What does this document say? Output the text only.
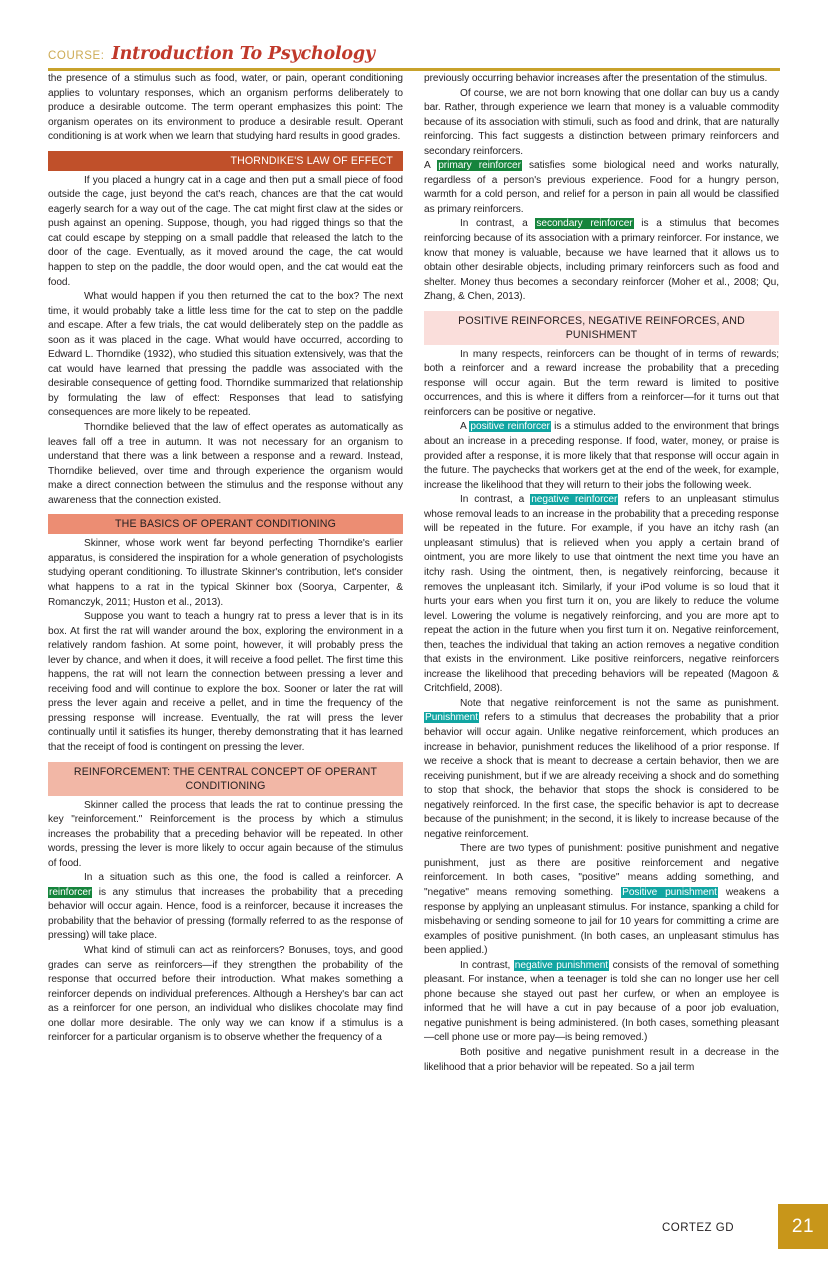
COURSE: Introduction To Psychology

the presence of a stimulus such as food, water, or pain, operant conditioning applies to voluntary responses, which an organism performs deliberately to produce a desirable outcome. The term operant emphasizes this point: The organism operates on its environment to produce a desirable result. Operant conditioning is at work when we learn that studying hard results in good grades.

THORNDIKE'S LAW OF EFFECT

If you placed a hungry cat in a cage and then put a small piece of food outside the cage, just beyond the cat's reach, chances are that the cat would eagerly search for a way out of the cage. The cat might first claw at the sides or push against an opening. Suppose, though, you had rigged things so that the cat could escape by stepping on a small paddle that released the latch to the door of the cage. Eventually, as it moved around the cage, the cat would happen to step on the paddle, the door would open, and the cat would eat the food.

What would happen if you then returned the cat to the box? The next time, it would probably take a little less time for the cat to step on the paddle and escape. After a few trials, the cat would deliberately step on the paddle as soon as it was placed in the cage. What would have occurred, according to Edward L. Thorndike (1932), who studied this situation extensively, was that the cat would have learned that pressing the paddle was associated with the desirable consequence of getting food. Thorndike summarized that relationship by formulating the law of effect: Responses that lead to satisfying consequences are more likely to be repeated.

Thorndike believed that the law of effect operates as automatically as leaves fall off a tree in autumn. It was not necessary for an organism to understand that there was a link between a response and a reward. Instead, Thorndike believed, over time and through experience the organism would make a direct connection between the stimulus and the response without any awareness that the connection existed.

THE BASICS OF OPERANT CONDITIONING

Skinner, whose work went far beyond perfecting Thorndike's earlier apparatus, is considered the inspiration for a whole generation of psychologists studying operant conditioning. To illustrate Skinner's contribution, let's consider what happens to a rat in the typical Skinner box (Soorya, Carpenter, & Romanczyk, 2011; Huston et al., 2013).

Suppose you want to teach a hungry rat to press a lever that is in its box. At first the rat will wander around the box, exploring the environment in a relatively random fashion. At some point, however, it will probably press the lever by chance, and when it does, it will receive a food pellet. The first time this happens, the rat will not learn the connection between pressing a lever and receiving food and will continue to explore the box. Sooner or later the rat will press the lever again and receive a pellet, and in time the frequency of the pressing response will increase. Eventually, the rat will press the lever continually until it satisfies its hunger, thereby demonstrating that it has learned that the receipt of food is contingent on pressing the lever.

REINFORCEMENT: THE CENTRAL CONCEPT OF OPERANT CONDITIONING

Skinner called the process that leads the rat to continue pressing the key "reinforcement." Reinforcement is the process by which a stimulus increases the probability that a preceding behavior will be repeated. In other words, pressing the lever is more likely to occur again because of the stimulus of food.

In a situation such as this one, the food is called a reinforcer. A reinforcer is any stimulus that increases the probability that a preceding behavior will occur again. Hence, food is a reinforcer, because it increases the probability that the behavior of pressing (formally referred to as the response of pressing) will take place.

What kind of stimuli can act as reinforcers? Bonuses, toys, and good grades can serve as reinforcers—if they strengthen the probability of the response that occurred before their introduction. What makes something a reinforcer depends on individual preferences. Although a Hershey's bar can act as a reinforcer for one person, an individual who dislikes chocolate may find one dollar more desirable. The only way we can know if a stimulus is a reinforcer for a particular organism is to observe whether the frequency of a

previously occurring behavior increases after the presentation of the stimulus.

Of course, we are not born knowing that one dollar can buy us a candy bar. Rather, through experience we learn that money is a valuable commodity because of its association with stimuli, such as food and drink, that are naturally reinforcing. This fact suggests a distinction between primary reinforcers and secondary reinforcers.

A primary reinforcer satisfies some biological need and works naturally, regardless of a person's previous experience. Food for a hungry person, warmth for a cold person, and relief for a person in pain all would be classified as primary reinforcers.

In contrast, a secondary reinforcer is a stimulus that becomes reinforcing because of its association with a primary reinforcer. For instance, we know that money is valuable, because we have learned that it allows us to obtain other desirable objects, including primary reinforcers such as food and shelter. Money thus becomes a secondary reinforcer (Moher et al., 2008; Qu, Zhang, & Chen, 2013).

POSITIVE REINFORCES, NEGATIVE REINFORCES, AND PUNISHMENT

In many respects, reinforcers can be thought of in terms of rewards; both a reinforcer and a reward increase the probability that a preceding response will occur again. But the term reward is limited to positive occurrences, and this is where it differs from a reinforcer—for it turns out that reinforcers can be positive or negative.

A positive reinforcer is a stimulus added to the environment that brings about an increase in a preceding response. If food, water, money, or praise is provided after a response, it is more likely that that response will occur again in the future. The paychecks that workers get at the end of the week, for example, increase the likelihood that they will return to their jobs the following week.

In contrast, a negative reinforcer refers to an unpleasant stimulus whose removal leads to an increase in the probability that a preceding response will be repeated in the future. For example, if you have an itchy rash (an unpleasant stimulus) that is relieved when you apply a certain brand of ointment, you are more likely to use that ointment the next time you have an itchy rash. Using the ointment, then, is negatively reinforcing, because it removes the unpleasant itch. Similarly, if your iPod volume is so loud that it hurts your ears when you first turn it on, you are likely to reduce the volume level. Lowering the volume is negatively reinforcing, and you are more apt to repeat the action in the future when you first turn it on. Negative reinforcement, then, teaches the individual that taking an action removes a negative condition that exists in the environment. Like positive reinforcers, negative reinforcers increase the likelihood that preceding behaviors will be repeated (Magoon & Critchfield, 2008).

Note that negative reinforcement is not the same as punishment. Punishment refers to a stimulus that decreases the probability that a prior behavior will occur again. Unlike negative reinforcement, which produces an increase in behavior, punishment reduces the likelihood of a prior response. If we receive a shock that is meant to decrease a certain behavior, then we are receiving punishment, but if we are already receiving a shock and do something to stop that shock, the behavior that stops the shock is considered to be negatively reinforced. In the first case, the specific behavior is apt to decrease because of the punishment; in the second, it is likely to increase because of the negative reinforcement.

There are two types of punishment: positive punishment and negative punishment, just as there are positive reinforcement and negative reinforcement. In both cases, "positive" means adding something, and "negative" means removing something. Positive punishment weakens a response by applying an unpleasant stimulus. For instance, spanking a child for misbehaving or sending someone to jail for 10 years for committing a crime are examples of positive punishment. (In both cases, an unpleasant stimulus has been applied.)

In contrast, negative punishment consists of the removal of something pleasant. For instance, when a teenager is told she can no longer use her cell phone because she stayed out past her curfew, or when an employee is informed that he will have a cut in pay because of a poor job evaluation, negative punishment is being administered. (In both cases, something pleasant—cell phone use or more pay—is being removed.)

Both positive and negative punishment result in a decrease in the likelihood that a prior behavior will be repeated. So a jail term

CORTEZ GD	21
